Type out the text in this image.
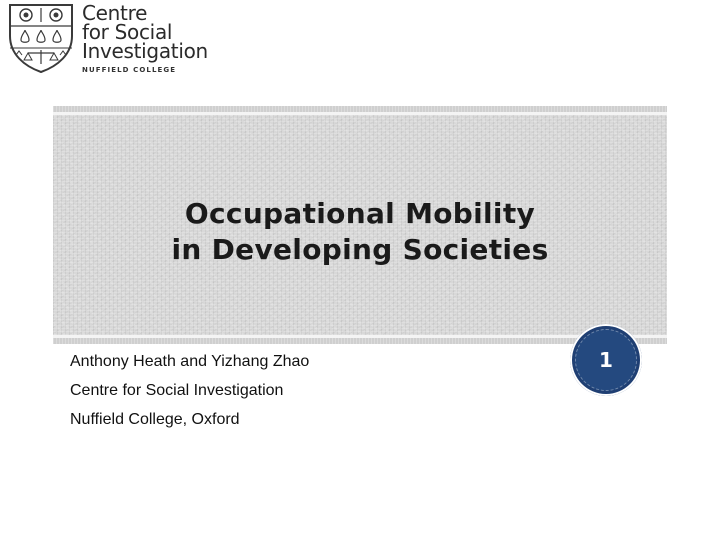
Centre
for Social
Investigation
NUFFIELD COLLEGE
Occupational Mobility
in Developing Societies
Anthony Heath and Yizhang Zhao
Centre for Social Investigation
Nuffield College, Oxford
1
